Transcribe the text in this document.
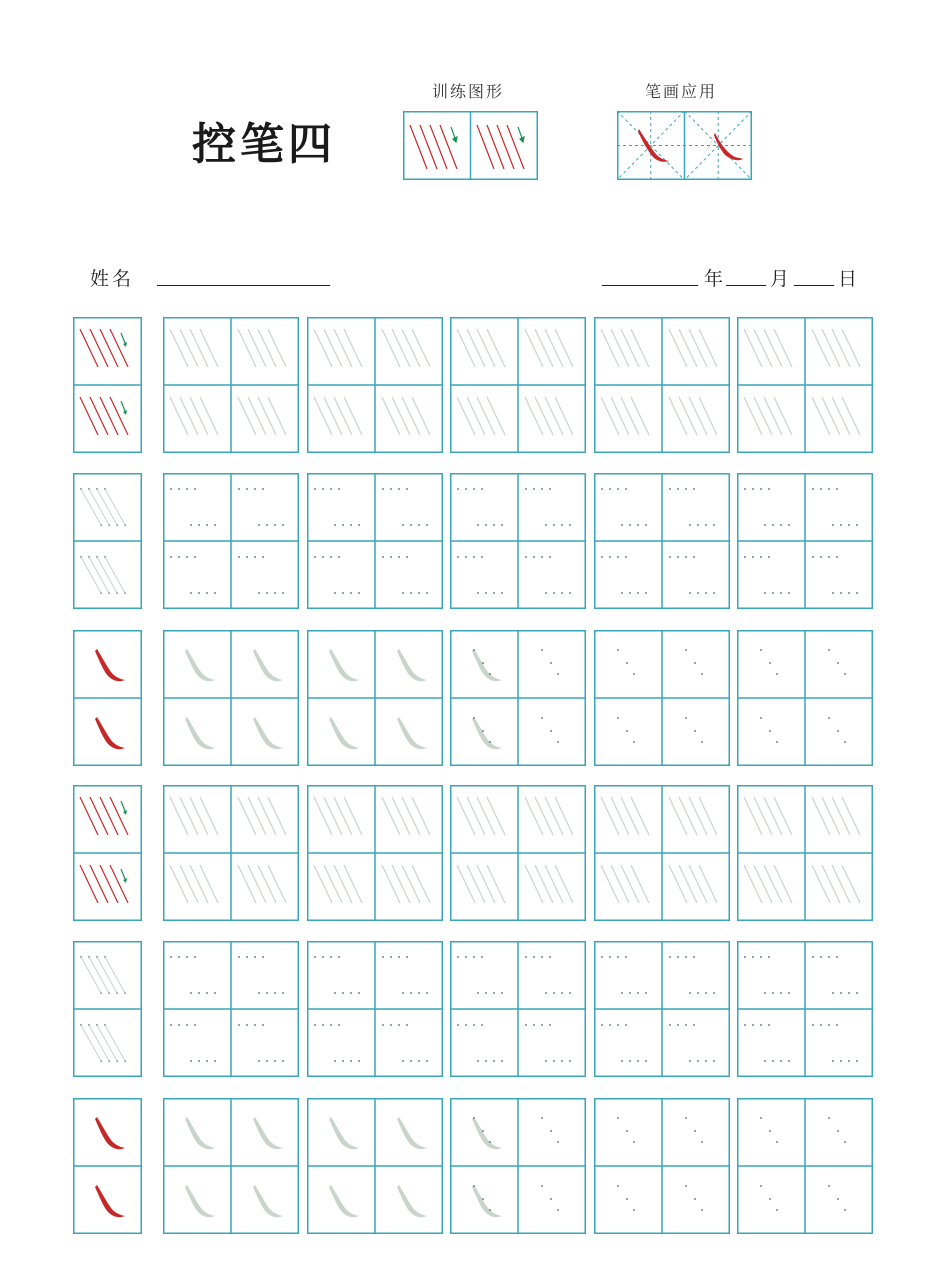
控笔四
训练图形	笔画应用
姓名	年 月	日
